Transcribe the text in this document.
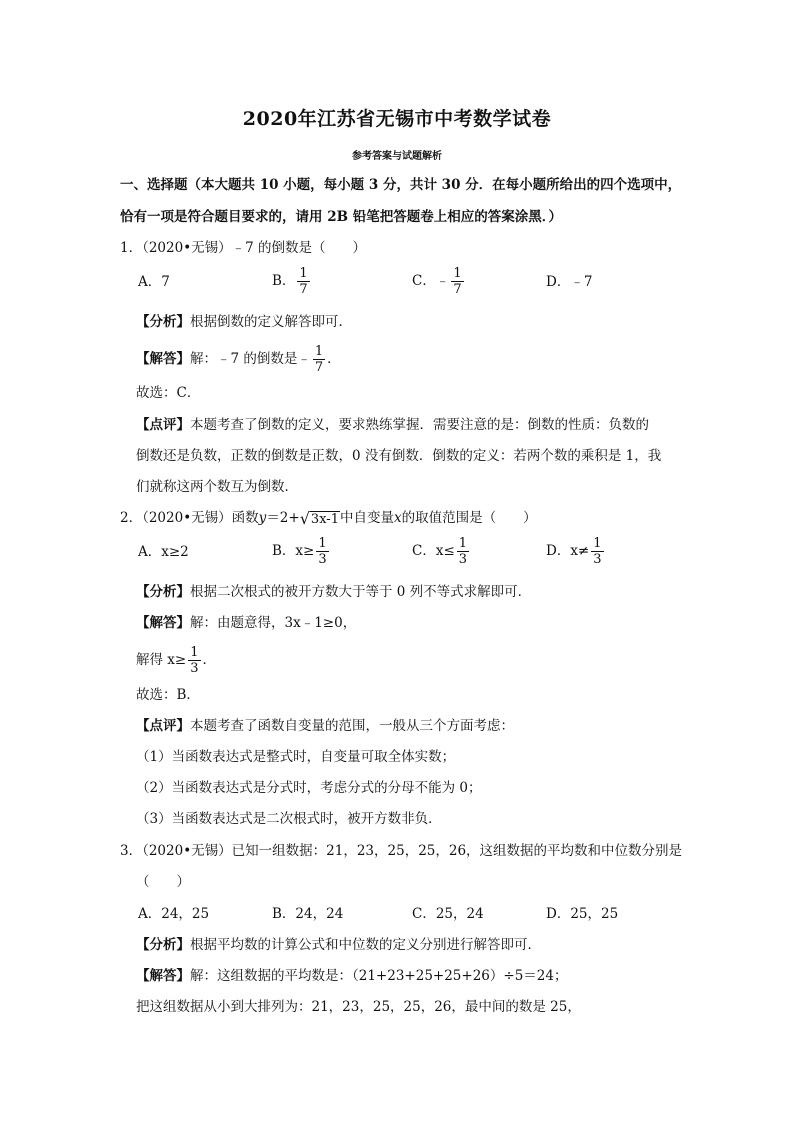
2020年江苏省无锡市中考数学试卷
参考答案与试题解析
一、选择题（本大题共 10 小题，每小题 3 分，共计 30 分．在每小题所给出的四个选项中，
恰有一项是符合题目要求的，请用 2B 铅笔把答题卷上相应的答案涂黑．）
1．（2020•无锡）﹣7 的倒数是（　　）
A．7	B． $\frac{1}{7}$	C．﹣ $\frac{1}{7}$	D．﹣7
【分析】根据倒数的定义解答即可．
【解答】解：﹣7 的倒数是﹣ $\frac{1}{7}$ ．
故选：C．
【点评】本题考查了倒数的定义，要求熟练掌握．需要注意的是：倒数的性质：负数的
倒数还是负数，正数的倒数是正数，0 没有倒数．倒数的定义：若两个数的乘积是 1，我
们就称这两个数互为倒数．
2．（2020•无锡）函数y＝2+ √ 3x-1 中自变量x的取值范围是（　　）
A．x≥2	B．$x\ge \frac{1}{3}$	C．$x\le \frac{1}{3}$	D．$x\ne \frac{1}{3}$
【分析】根据二次根式的被开方数大于等于 0 列不等式求解即可．
【解答】解：由题意得，3x﹣1≥0，
解得 $x\ge \frac{1}{3}$ ．
故选：B．
【点评】本题考查了函数自变量的范围，一般从三个方面考虑：
（1）当函数表达式是整式时，自变量可取全体实数；
（2）当函数表达式是分式时，考虑分式的分母不能为 0；
（3）当函数表达式是二次根式时，被开方数非负．
3．（2020•无锡）已知一组数据：21，23，25，25，26，这组数据的平均数和中位数分别是
（　　）
A．24，25	B．24，24	C．25，24	D．25，25
【分析】根据平均数的计算公式和中位数的定义分别进行解答即可．
【解答】解：这组数据的平均数是：（21+23+25+25+26）÷5＝24；
把这组数据从小到大排列为：21，23，25，25，26，最中间的数是 25，
